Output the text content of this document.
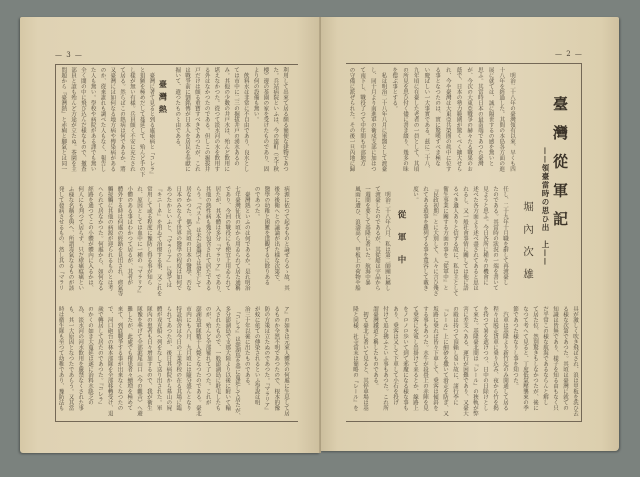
— 3 —	— 2 —
臺灣從軍記
——領臺當時の思ひ出　上——
堀內次雄
　明治二十八年の臺灣領有以來、早くも四
十八年を經過した。其間の本島各方面の進
展に就ては、誠に隔世するの感を無いと
思ふ。其當時日本の最南端であつた臺灣
が、今次の大東亞戰爭の赫々たる戰果のお
蔭で、日本の勢力範圍が驚くべく擴大せら
れ、今や臺灣は大東亞共榮圏の眞中に位す
る事となつたのは、實に驚嘆すべき極な
い慶ばしい一大事實である。茲に二十八、
九年頃に在臺した老者の一員として、其頃
の所見を思ひ付く儘に書き綴り、幾多の昧
を偲ぶ事とする。
　私は明治二十八年八月に軍醫として渡臺
し、同十月より南進軍の衛戍支部に加はつ
て南下し、戰役了つて中年間も中部地方
の守備に派ぜられた。その後一旦內地に歸
任し、二十九年十月職を辭して再渡臺し
たのである。其當時の狀況の一端を書いて
見ようと思ふ。今日各所に種々の機會に
述べた各方面より述べ盡されてあると思は
れるし、又一般社會事情に關しては他に語
るべき適人ありと信ずる故に、私は主として
衛生事業に關する方面の事を『從軍中』と
『民政初期』とに大別して、人々に言ひ殘さ
れてある瑣事を羅列する事を寬容して戴き
度い。
從軍中
　明治二十八年八月、私は第二師團に屬し
て渡臺したのであるが、其從船は宇品から
一週間を要して基隆に著いた。航海中暴
風雨に遭ひ、浪濤高く、甲板上の荷物や船
具が激しく吹き飛ばされ、浪は甲板を洗ひ去
る様な次第であつた。其頃は臺灣に就ての
知識は皆無であり、樣子を知る由もなく只
だ平常この様な航海であるならんと解し
て居た位、然別驚きもしなかつたが、後に
なつて考へて見ると、丁度低氣壓襲來の季
節であつた様なりし事を知つた。
　汽車は基隆より新竹迄のみ開通して居る
程々は脱走貨車に乗り込み、夜から竹を掲
を持つて暑を遮けつつ、日中の日除けとし
て來た。基隆臺北間は『レール』の狹軌が弊
害に差支へある、運行が困難であり、又臺大
の殿は持つて頂賴し易い故に、諸行李に
『レール』上に細砂を撒いて滑走を防ぎ、又
坂路に乗れば皆々下車して、乗客は傾斜を
する事もあつた。水牛が段畳上の赤陣を見
て乗客に充電し出掛けて来るとか、線路上
をノロノロ歩いて到て邪魔になる様な事も
あり、乗客は又して下車して小石を投げ
付けて追ひ拂ふといふ事もあつた。これ所
謂臺灣鐵道と稱したものである。
　扨て臺北に著いて見ると、其停車場は基
隆と同様、社寺當末は簡略の『レール』を
利用して出來て居る頗る簡便な建物であつ
た。兵站病院といふは、今の遠町（元千秋
樓）邊の茶園の家を受けたものであり、固
より何の設備も無い。
　飲料水は非常に不自由であり、良水とし
ては市中に二三の掘拔井戸の湧水あるの
み。其他の少數の井戸水は、殆んど飲用に
堪えなかつた。從つて淡水河の水を飲用す
る外はなかつたのである。但しこの掘拔井
戸だけは頗る重寶すべきであつたが、これ
は戰爭前に劉銘傳が日本人を居民を奉獻に
掘いて、遺つたもの〻由である。
臺灣熱
　臺灣に著て見ると到る處瘧病と『コレラ』
と猖獗を極めだして蔓延して、殆んど手の下
し樣が無い有様。兵員頗く不安に充たされ
て居る。然らばこの熱病は何であるか、將
又臺灣には如何なる地方病や傳染病がある
のか、從來誰れも調べた人もなく、報告し
た人も無い。學校や病院がある譯でも無い
全く闇の中に飛び込んだ様なもので、撤査
部員と誰も殆んど方途が立たぬ。茶園を主
問題から『臺灣熱』と赤痢と腳氣とは同一
病源に依つて起るものと論ぜらるゝ故、其
後今後衛へとの議論が出た様な次第で、
醫學の幼稚と困難を達觀するに餘りある
のであつた。
　臺灣熱といふのは何であるか。是れ明治
七年臺灣征伐の頃から用ゐられて居た通稱
であり、今回の戰役にも便宜上用ゐられて
居たが、其本體は多分『マラリア』であり、
其他の熱性病も幾分包含されて居たである
らう。『ペスト』は未だ臺灣では發生して
居なかつた。偶て其頃の日本の醫學、否な
日本のみならず世界の醫學の程度は如何で
あつたかといふと、『マラリア』に就ては
『キニーネ』を用ゐて治療する事、又これを
常用して或る程度に豫防し得る事が知ら
れ、原因としては血中に一種の『マラリア』
小體のある事はわかつて居るが、其者が
體外する時は何處の經路を見出され、瘴氣等
觸接觸に其他の病源が迎られるものとは考
へられて居なかつた。何處から、如何なる
經路を通つてこの小體が體內に入るかは、
何人にも判つて居らず、只だ瘴癘瘟癘とい
ふ様な名稱を與へ、所謂毒氣なるものが該
発して發病させるもの、然し其の『マラリ
ア』の如きは元來人體外の何處に生息して居
るものか全然不明であつたので、根本的豫
防の方策は立たぬのであつた。『マラリア』
が蚊に依ての傳染されるといふ學說は明
治三十年以後に出たものである。
　『コレラ』は澎湖島を基に蔓延して居たが、
多分澎湖島で支那大陸より以後に附いて輸
入されたもので、一般澎湖島に駐屯したも
のが、殆んど全部罹れて了つた。これが
澎湖島軍隊數千人斃となつたのである。臺北
市内にも八月、九月頃には隨分盛んとなり
特設病舍は今日の工業學校の在る其場に臨
られてあつたが、後日其病院から墓山の屍
體が戎克船へ列をなして送り出された。軍
隊內の患者も日々增加するので、我が衛生
隊豫を率げて全部滬尾山口（今の觀音）へ避
難したが、此處でも罹患者々續増を極めて
來て、到底戰爭する事が出來なくなつたの
で、河口砲台の林本部隊を全部移轉受け、退
歲で轉居して居たのであつた。『コレラ』
のかくの如き大蔓延は遂に治料水缺乏の
為、淡水河の河水飲用を嚴禁なくされた事
も、其一大原因となつたであらう。又其當
時は衛生隊も至つて幼稚であり、豫防法も
